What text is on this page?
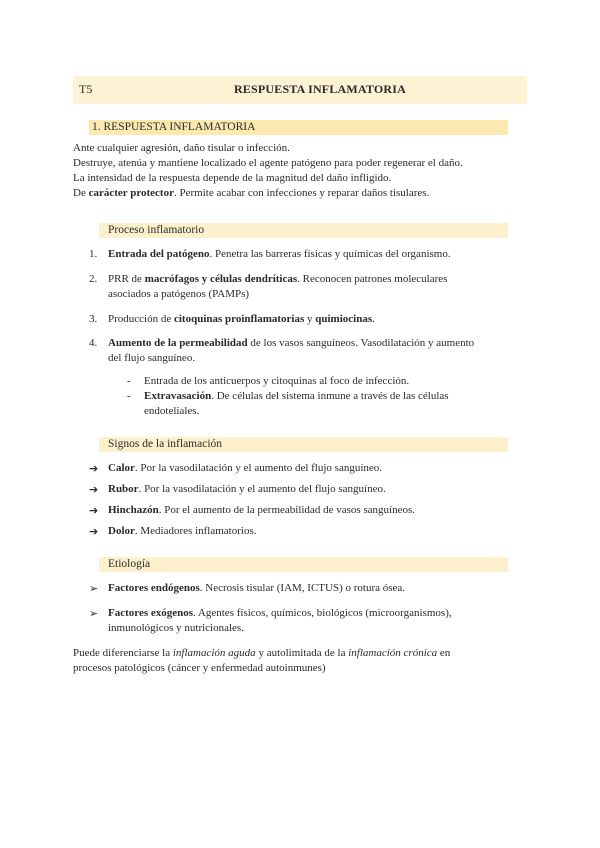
T5	RESPUESTA INFLAMATORIA
1. RESPUESTA INFLAMATORIA
Ante cualquier agresión, daño tisular o infección.
Destruye, atenúa y mantiene localizado el agente patógeno para poder regenerar el daño.
La intensidad de la respuesta depende de la magnitud del daño infligido.
De carácter protector. Permite acabar con infecciones y reparar daños tisulares.
Proceso inflamatorio
1. Entrada del patógeno. Penetra las barreras físicas y químicas del organismo.
2. PRR de macrófagos y células dendríticas. Reconocen patrones moleculares
asociados a patógenos (PAMPs)
3. Producción de citoquinas proinflamatorias y quimiocinas.
4. Aumento de la permeabilidad de los vasos sanguíneos. Vasodilatación y aumento
del flujo sanguíneo.
- Entrada de los anticuerpos y citoquinas al foco de infección.
- Extravasación. De células del sistema inmune a través de las células
endoteliales.
Signos de la inflamación
➔ Calor. Por la vasodilatación y el aumento del flujo sanguíneo.
➔ Rubor. Por la vasodilatación y el aumento del flujo sanguíneo.
➔ Hinchazón. Por el aumento de la permeabilidad de vasos sanguíneos.
➔ Dolor. Mediadores inflamatorios.
Etiología
➢ Factores endógenos. Necrosis tisular (IAM, ICTUS) o rotura ósea.
➢ Factores exógenos. Agentes físicos, químicos, biológicos (microorganismos),
inmunológicos y nutricionales.
Puede diferenciarse la inflamación aguda y autolimitada de la inflamación crónica en
procesos patológicos (cáncer y enfermedad autoinmunes)
